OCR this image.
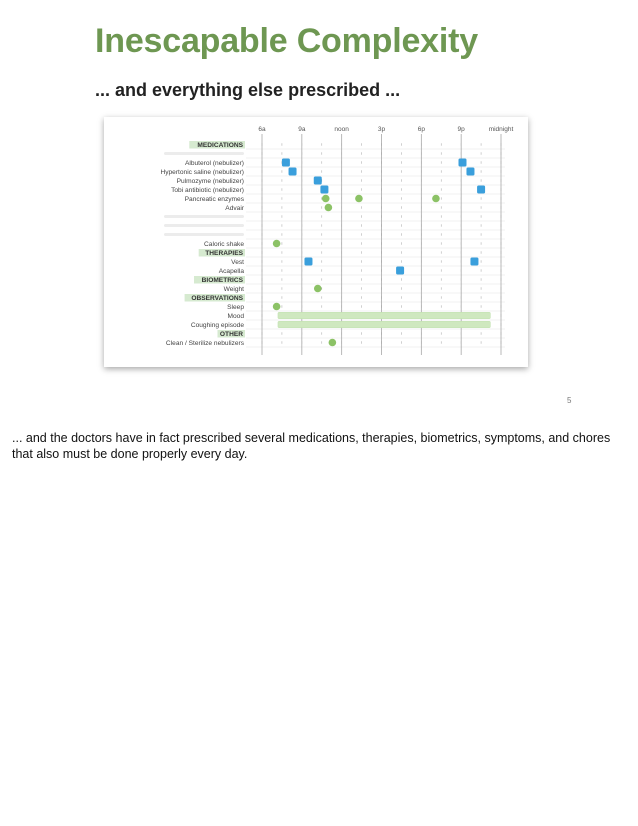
Inescapable Complexity
... and everything else prescribed ...
6a	9a	noon	3p	6p	9p	midnight
MEDICATIONS
Albuterol (nebulizer)
Hypertonic saline (nebulizer)
Pulmozyme (nebulizer)
Tobi antibiotic (nebulizer)
Pancreatic enzymes
Advair
Caloric shake
THERAPIES
Vest
Acapella
BIOMETRICS
Weight
OBSERVATIONS
Sleep
Mood
Coughing episode
OTHER
Clean / Sterilize nebulizers
5
... and the doctors have in fact prescribed several medications, therapies, biometrics, symptoms, and chores that also must be done properly every day.
